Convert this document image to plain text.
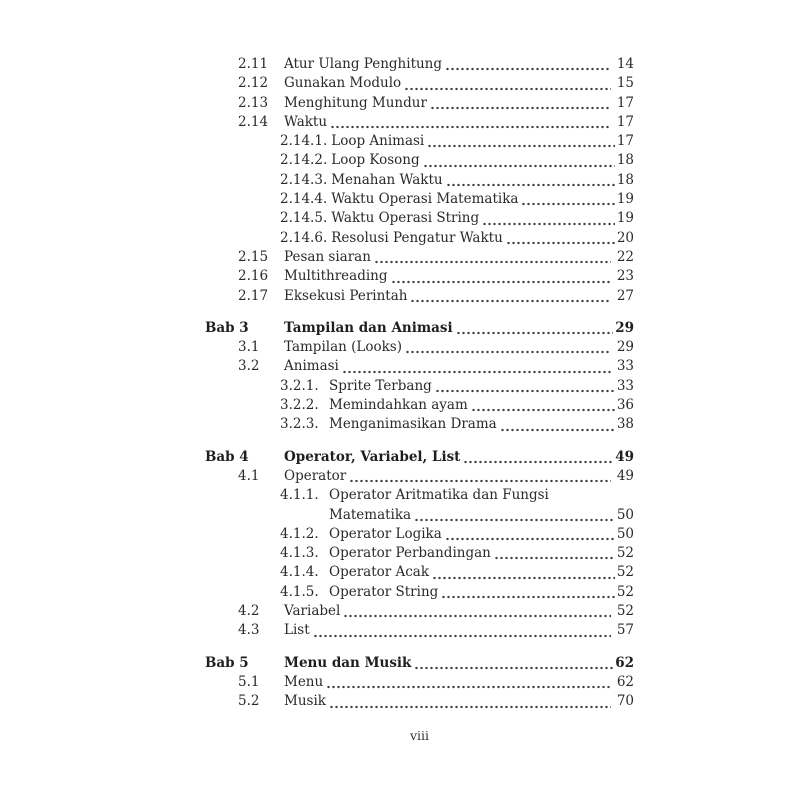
2.11	Atur Ulang Penghitung	14
2.12	Gunakan Modulo	15
2.13	Menghitung Mundur	17
2.14	Waktu	17
2.14.1. Loop Animasi	17
2.14.2. Loop Kosong	18
2.14.3. Menahan Waktu	18
2.14.4. Waktu Operasi Matematika	19
2.14.5. Waktu Operasi String	19
2.14.6. Resolusi Pengatur Waktu	20
2.15	Pesan siaran	22
2.16	Multithreading	23
2.17	Eksekusi Perintah	27
Bab 3	Tampilan dan Animasi	29
3.1	Tampilan (Looks)	29
3.2	Animasi	33
3.2.1. Sprite Terbang	33
3.2.2. Memindahkan ayam	36
3.2.3. Menganimasikan Drama	38
Bab 4	Operator, Variabel, List	49
4.1	Operator	49
4.1.1. Operator Aritmatika dan Fungsi
Matematika	50
4.1.2. Operator Logika	50
4.1.3. Operator Perbandingan	52
4.1.4. Operator Acak	52
4.1.5. Operator String	52
4.2	Variabel	52
4.3	List	57
Bab 5	Menu dan Musik	62
5.1	Menu	62
5.2	Musik	70
viii
